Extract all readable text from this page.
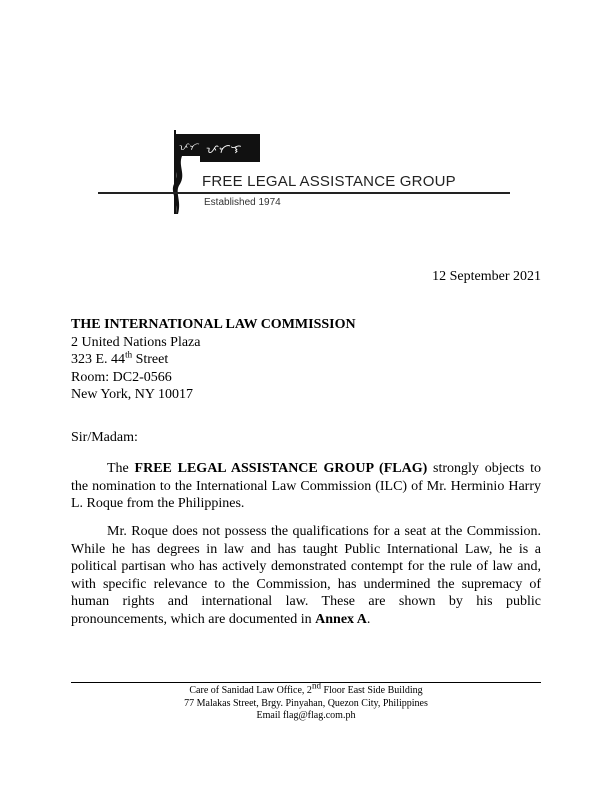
ᜉᜆ ᜉᜆᜎ
FREE LEGAL ASSISTANCE GROUP
Established 1974
12 September 2021
THE INTERNATIONAL LAW COMMISSION
2 United Nations Plaza
323 E. 44th Street
Room: DC2-0566
New York, NY 10017
Sir/Madam:

The FREE LEGAL ASSISTANCE GROUP (FLAG) strongly objects to the nomination to the International Law Commission (ILC) of Mr. Herminio Harry L. Roque from the Philippines.

Mr. Roque does not possess the qualifications for a seat at the Commission. While he has degrees in law and has taught Public International Law, he is a political partisan who has actively demonstrated contempt for the rule of law and, with specific relevance to the Commission, has undermined the supremacy of human rights and international law. These are shown by his public pronouncements, which are documented in Annex A.

Care of Sanidad Law Office, 2nd Floor East Side Building
77 Malakas Street, Brgy. Pinyahan, Quezon City, Philippines
Email flag@flag.com.ph
